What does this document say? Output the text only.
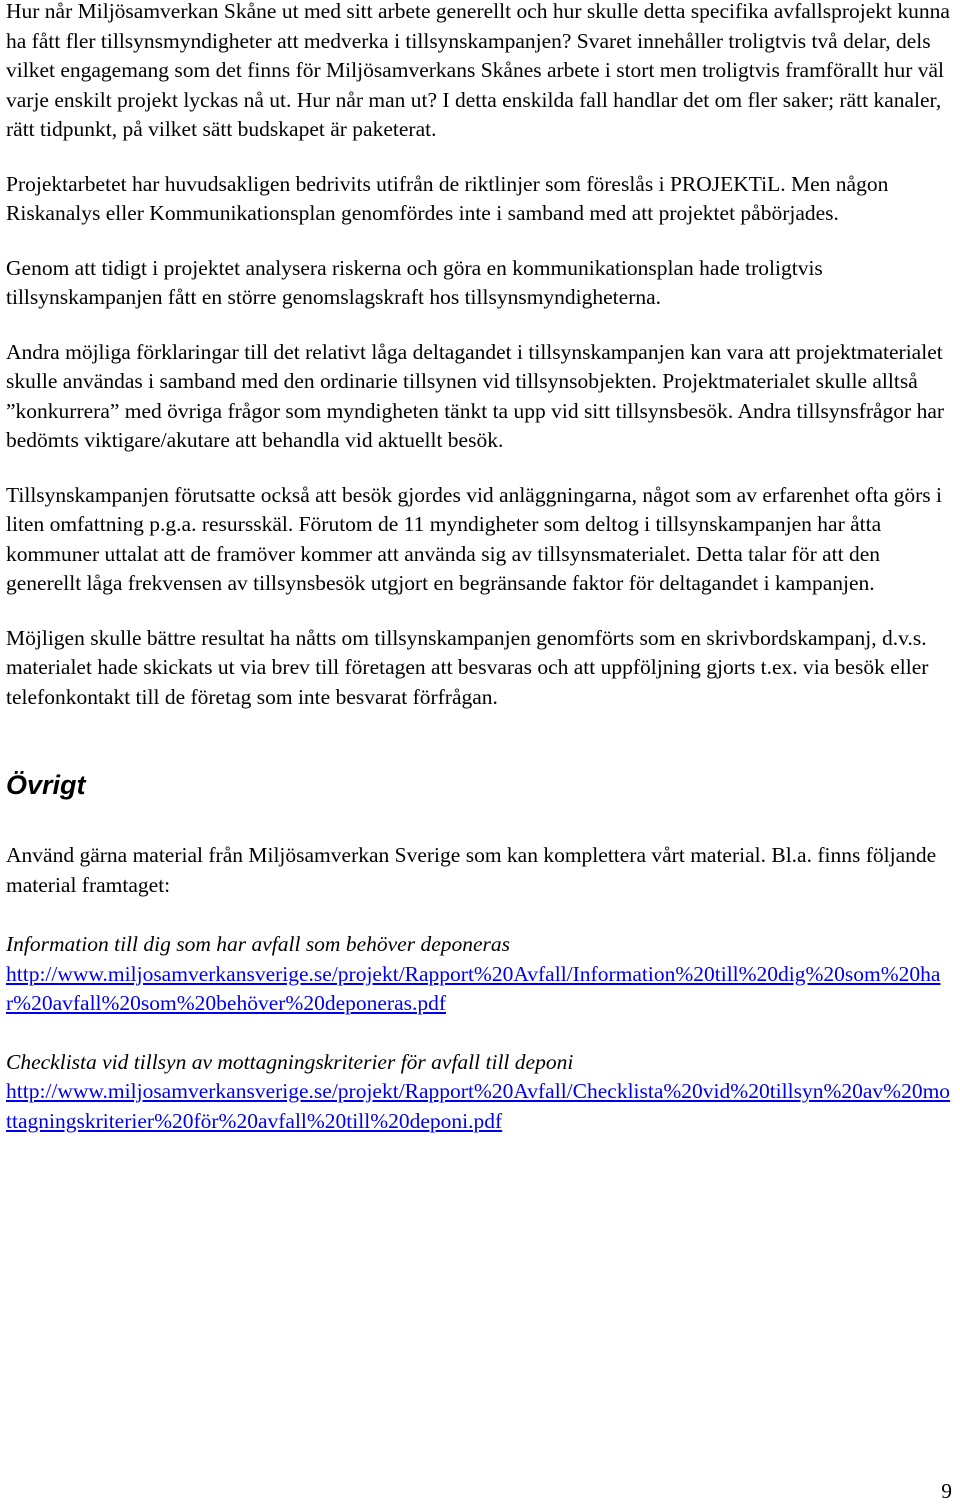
Hur når Miljösamverkan Skåne ut med sitt arbete generellt och hur skulle detta specifika avfallsprojekt kunna ha fått fler tillsynsmyndigheter att medverka i tillsynskampanjen? Svaret innehåller troligtvis två delar, dels vilket engagemang som det finns för Miljösamverkans Skånes arbete i stort men troligtvis framförallt hur väl varje enskilt projekt lyckas nå ut. Hur når man ut? I detta enskilda fall handlar det om fler saker; rätt kanaler, rätt tidpunkt, på vilket sätt budskapet är paketerat.

Projektarbetet har huvudsakligen bedrivits utifrån de riktlinjer som föreslås i PROJEKTiL. Men någon Riskanalys eller Kommunikationsplan genomfördes inte i samband med att projektet påbörjades.

Genom att tidigt i projektet analysera riskerna och göra en kommunikationsplan hade troligtvis tillsynskampanjen fått en större genomslagskraft hos tillsynsmyndigheterna.

Andra möjliga förklaringar till det relativt låga deltagandet i tillsynskampanjen kan vara att projektmaterialet skulle användas i samband med den ordinarie tillsynen vid tillsynsobjekten. Projektmaterialet skulle alltså ”konkurrera” med övriga frågor som myndigheten tänkt ta upp vid sitt tillsynsbesök. Andra tillsynsfrågor har bedömts viktigare/akutare att behandla vid aktuellt besök.

Tillsynskampanjen förutsatte också att besök gjordes vid anläggningarna, något som av erfarenhet ofta görs i liten omfattning p.g.a. resursskäl. Förutom de 11 myndigheter som deltog i tillsynskampanjen har åtta kommuner uttalat att de framöver kommer att använda sig av tillsynsmaterialet. Detta talar för att den generellt låga frekvensen av tillsynsbesök utgjort en begränsande faktor för deltagandet i kampanjen.

Möjligen skulle bättre resultat ha nåtts om tillsynskampanjen genomförts som en skrivbordskampanj, d.v.s. materialet hade skickats ut via brev till företagen att besvaras och att uppföljning gjorts t.ex. via besök eller telefonkontakt till de företag som inte besvarat förfrågan.

Övrigt

Använd gärna material från Miljösamverkan Sverige som kan komplettera vårt material. Bl.a. finns följande material framtaget:

Information till dig som har avfall som behöver deponeras

http://www.miljosamverkansverige.se/projekt/Rapport%20Avfall/Information%20till%20dig%20som%20har%20avfall%20som%20behöver%20deponeras.pdf

Checklista vid tillsyn av mottagningskriterier för avfall till deponi

http://www.miljosamverkansverige.se/projekt/Rapport%20Avfall/Checklista%20vid%20tillsyn%20av%20mottagningskriterier%20för%20avfall%20till%20deponi.pdf

9
